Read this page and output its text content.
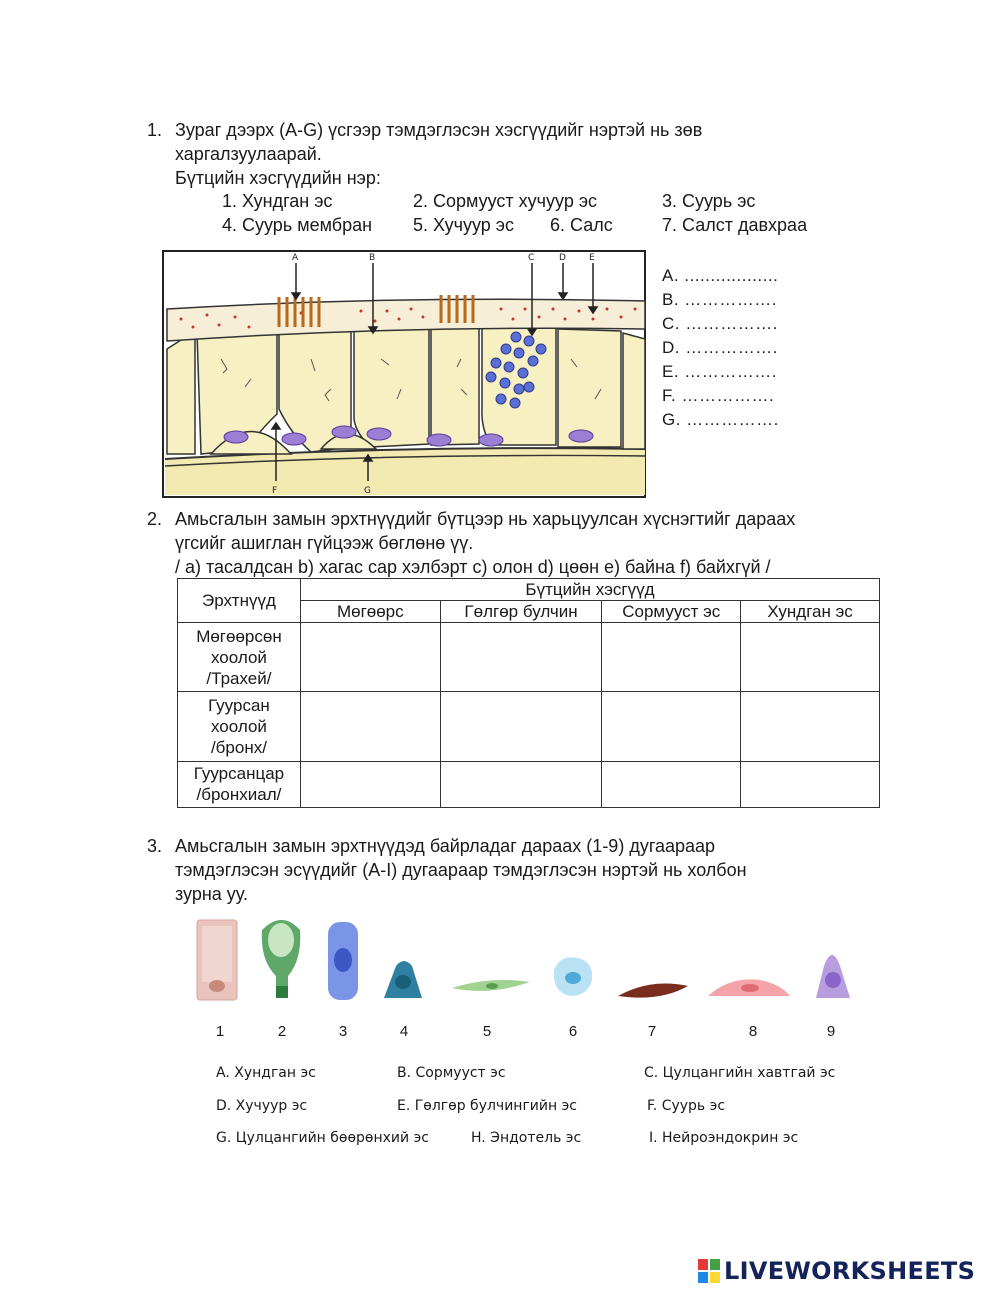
1. Зураг дээрх (A-G) үсгээр тэмдэглэсэн хэсгүүдийг нэртэй нь зөв
харгалзуулаарай.
Бүтцийн хэсгүүдийн нэр:
1. Хундган эс	2. Сормууст хучуур эс	3. Суурь эс
4. Суурь мембран 5. Хучуур эс 6. Салс	7. Салст давхраа
A	B	C	D	E
F	G
A. ..................
B. …………….
C. …………….
D. …………….
E. …………….
F. …………….
G. …………….
2. Амьсгалын замын эрхтнүүдийг бүтцээр нь харьцуулсан хүснэгтийг дараах
үгсийг ашиглан гүйцээж бөглөнө үү.
/ a) тасалдсан b) хагас сар хэлбэрт c) олон d) цөөн e) байна f) байхгүй /
Эрхтнүүд	Бүтцийн хэсгүүд			
	Мөгөөрс	Гөлгөр булчин	Сормууст эс	Хундган эс

Мөгөөрсөн
хоолой
/Трахей/				

Гуурсан
хоолой
/бронх/				

Гуурсанцар
/бронхиал/				

3. Амьсгалын замын эрхтнүүдэд байрладаг дараах (1-9) дугаараар
тэмдэглэсэн эсүүдийг (A-I) дугаараар тэмдэглэсэн нэртэй нь холбон
зурна уу.
1	2	3	4	5	6	7	8	9
A. Хундган эс	B. Сормууст эс	C. Цулцангийн хавтгай эс
D. Хучуур эс	E. Гөлгөр булчингийн эс	F. Суурь эс
G. Цулцангийн бөөрөнхий эс	H. Эндотель эс	I. Нейроэндокрин эс
LIVEWORKSHEETS
